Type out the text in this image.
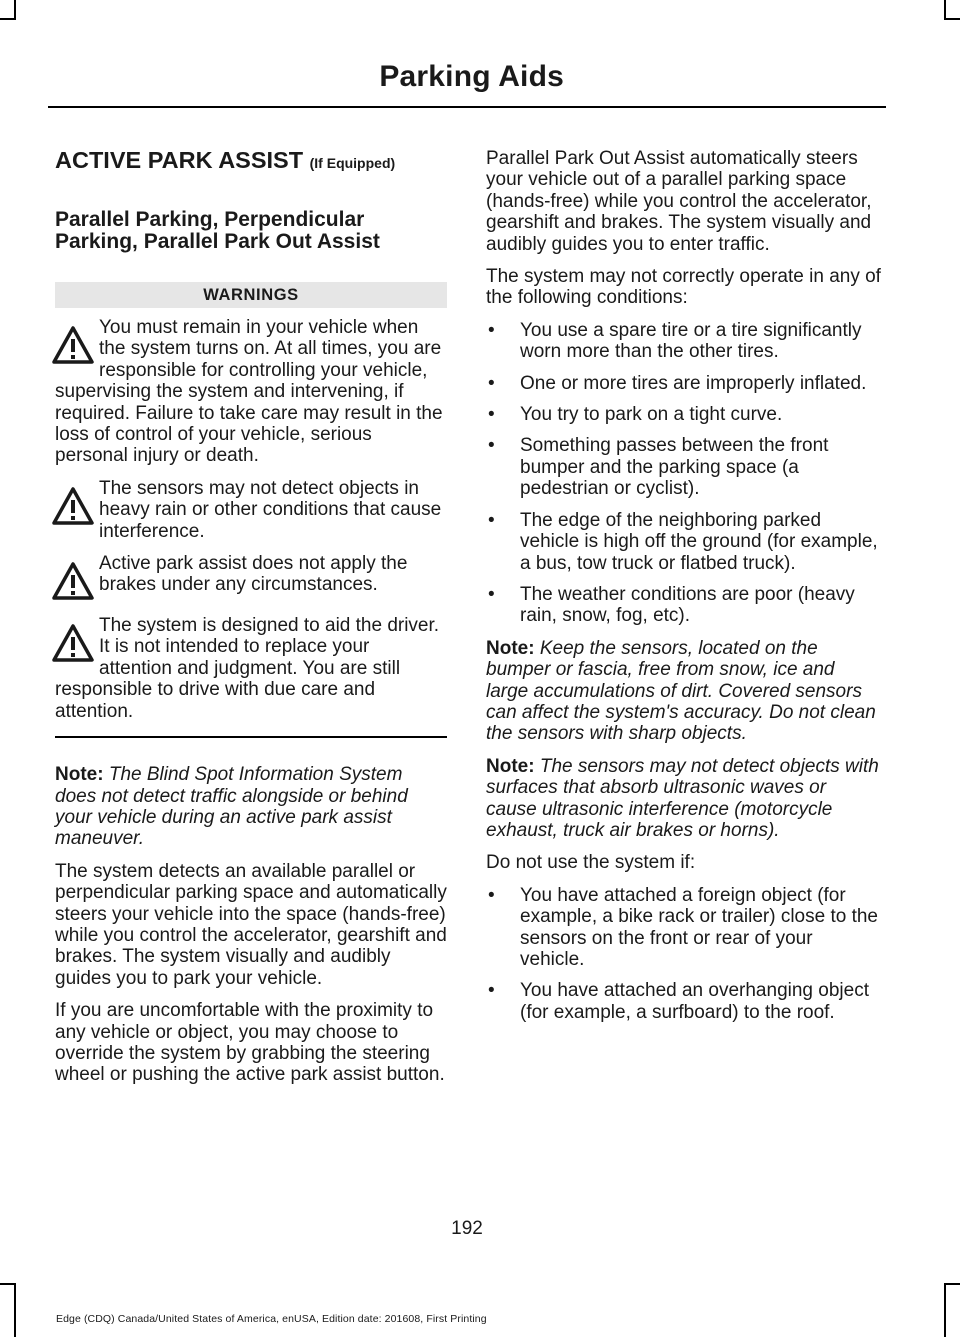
Parking Aids
ACTIVE PARK ASSIST (If Equipped)
Parallel Parking, Perpendicular Parking, Parallel Park Out Assist
WARNINGS

You must remain in your vehicle when the system turns on. At all times, you are responsible for controlling your vehicle, supervising the system and intervening, if required. Failure to take care may result in the loss of control of your vehicle, serious personal injury or death.

The sensors may not detect objects in heavy rain or other conditions that cause interference.

Active park assist does not apply the brakes under any circumstances.

The system is designed to aid the driver. It is not intended to replace your attention and judgment. You are still responsible to drive with due care and attention.

Note: The Blind Spot Information System does not detect traffic alongside or behind your vehicle during an active park assist maneuver.

The system detects an available parallel or perpendicular parking space and automatically steers your vehicle into the space (hands-free) while you control the accelerator, gearshift and brakes. The system visually and audibly guides you to park your vehicle.

If you are uncomfortable with the proximity to any vehicle or object, you may choose to override the system by grabbing the steering wheel or pushing the active park assist button.

Parallel Park Out Assist automatically steers your vehicle out of a parallel parking space (hands-free) while you control the accelerator, gearshift and brakes. The system visually and audibly guides you to enter traffic.

The system may not correctly operate in any of the following conditions:

• You use a spare tire or a tire significantly worn more than the other tires.
• One or more tires are improperly inflated.
• You try to park on a tight curve.
• Something passes between the front bumper and the parking space (a pedestrian or cyclist).
• The edge of the neighboring parked vehicle is high off the ground (for example, a bus, tow truck or flatbed truck).
• The weather conditions are poor (heavy rain, snow, fog, etc).

Note: Keep the sensors, located on the bumper or fascia, free from snow, ice and large accumulations of dirt. Covered sensors can affect the system's accuracy. Do not clean the sensors with sharp objects.

Note: The sensors may not detect objects with surfaces that absorb ultrasonic waves or cause ultrasonic interference (motorcycle exhaust, truck air brakes or horns).

Do not use the system if:

• You have attached a foreign object (for example, a bike rack or trailer) close to the sensors on the front or rear of your vehicle.
• You have attached an overhanging object (for example, a surfboard) to the roof.
192
Edge (CDQ) Canada/United States of America, enUSA, Edition date: 201608, First Printing
